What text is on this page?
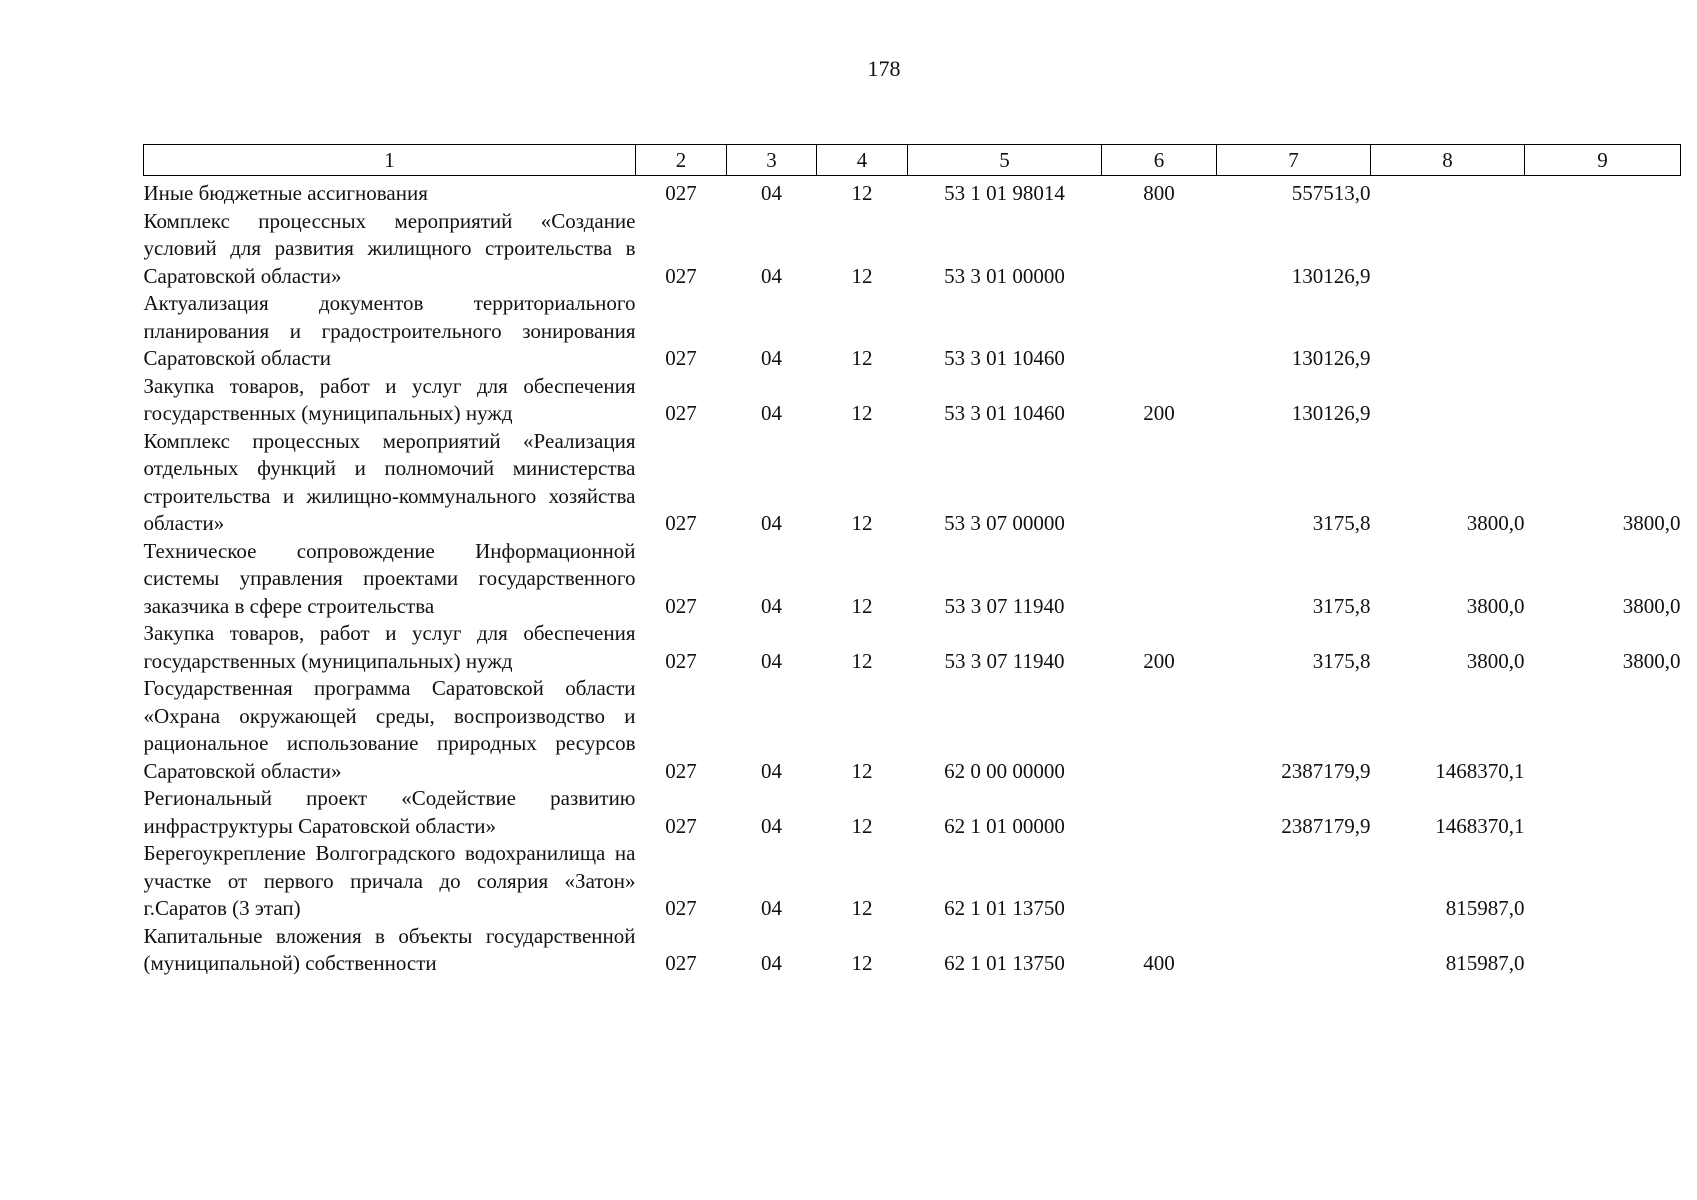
178
1	2	3	4	5	6	7	8	9
Иные бюджетные ассигнования	027	04	12	53 1 01 98014	800	557513,0		
Комплекс процессных мероприятий «Создание условий для развития жилищного строительства в Саратовской области»	027	04	12	53 3 01 00000		130126,9		
Актуализация документов территориального планирования и градостроительного зонирования Саратовской области	027	04	12	53 3 01 10460		130126,9		
Закупка товаров, работ и услуг для обеспечения государственных (муниципальных) нужд	027	04	12	53 3 01 10460	200	130126,9		
Комплекс процессных мероприятий «Реализация отдельных функций и полномочий министерства строительства и жилищно-коммунального хозяйства области»	027	04	12	53 3 07 00000		3175,8	3800,0	3800,0
Техническое сопровождение Информационной системы управления проектами государственного заказчика в сфере строительства	027	04	12	53 3 07 11940		3175,8	3800,0	3800,0
Закупка товаров, работ и услуг для обеспечения государственных (муниципальных) нужд	027	04	12	53 3 07 11940	200	3175,8	3800,0	3800,0
Государственная программа Саратовской области «Охрана окружающей среды, воспроизводство и рациональное использование природных ресурсов Саратовской области»	027	04	12	62 0 00 00000		2387179,9	1468370,1	
Региональный проект «Содействие развитию инфраструктуры Саратовской области»	027	04	12	62 1 01 00000		2387179,9	1468370,1	
Берегоукрепление Волгоградского водохранилища на участке от первого причала до солярия «Затон» г.Саратов (3 этап)	027	04	12	62 1 01 13750			815987,0	
Капитальные вложения в объекты государственной (муниципальной) собственности	027	04	12	62 1 01 13750	400		815987,0	
